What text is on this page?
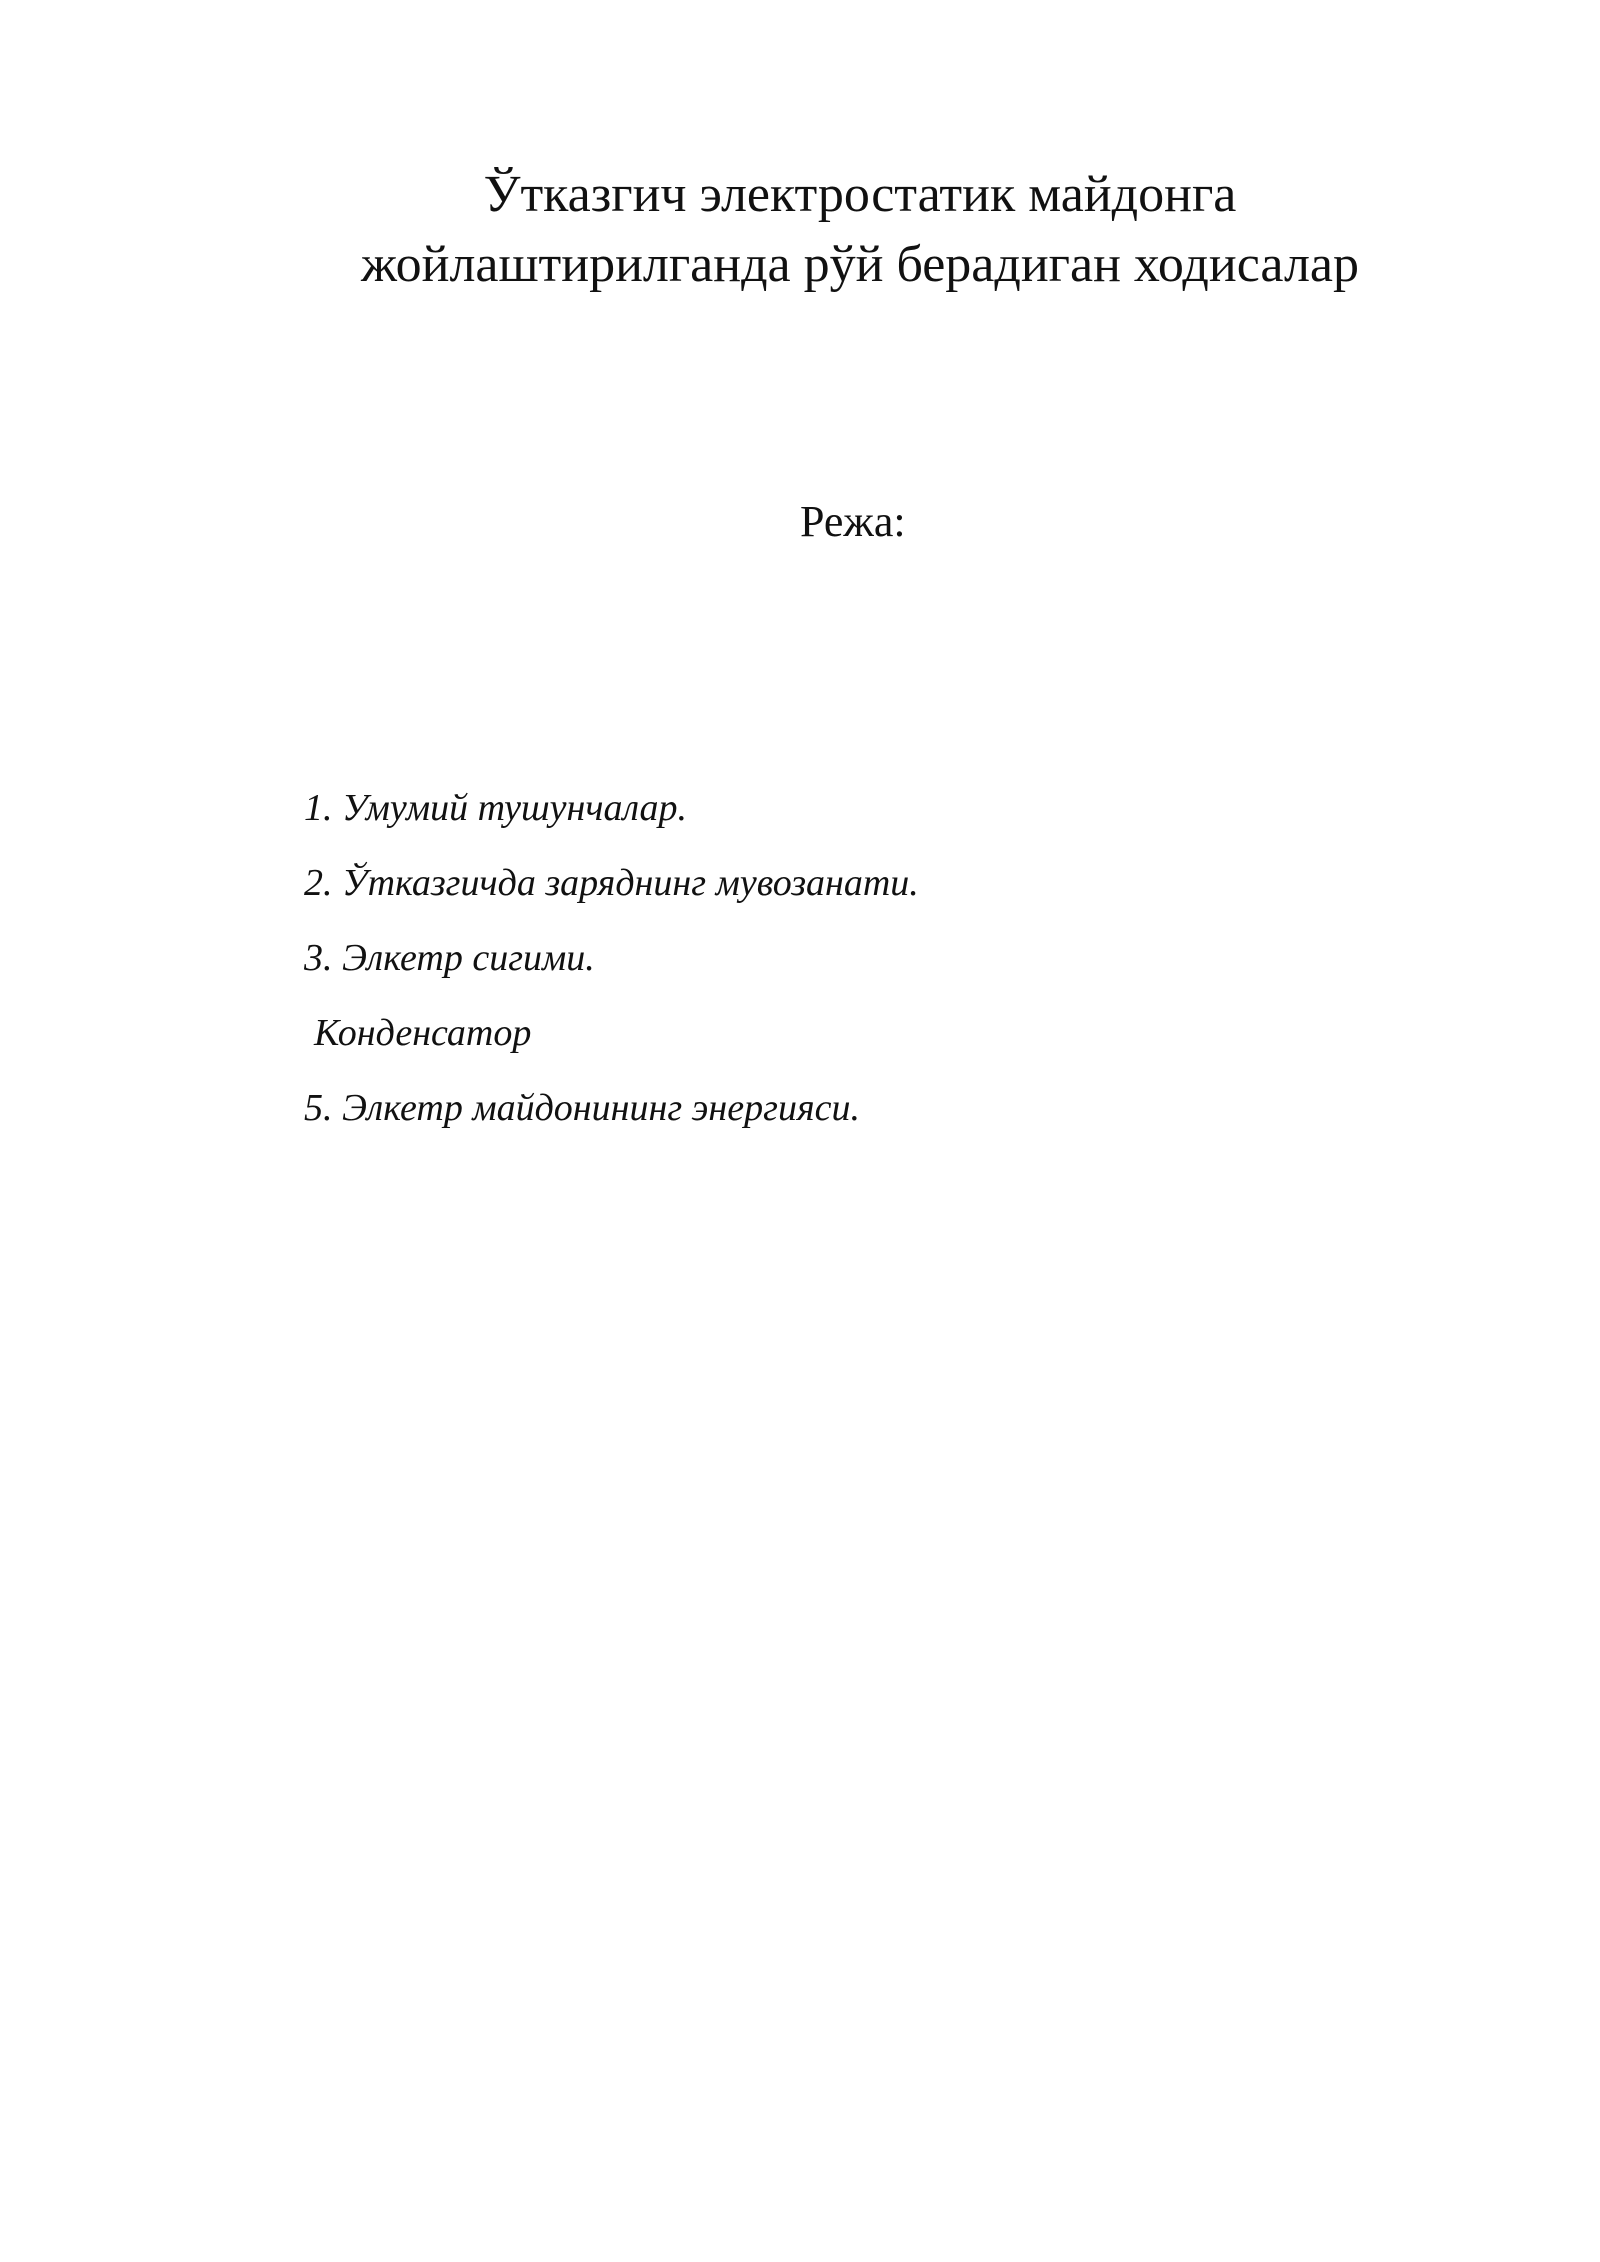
Ўтказгич электростатик майдонга
жойлаштирилганда рўй берадиган ходисалар
Режа:
1. Умумий тушунчалар.
2. Ўтказгичда заряднинг мувозанати.
3. Элкетр сигими.
Конденсатор
5. Элкетр майдонининг энергияси.
